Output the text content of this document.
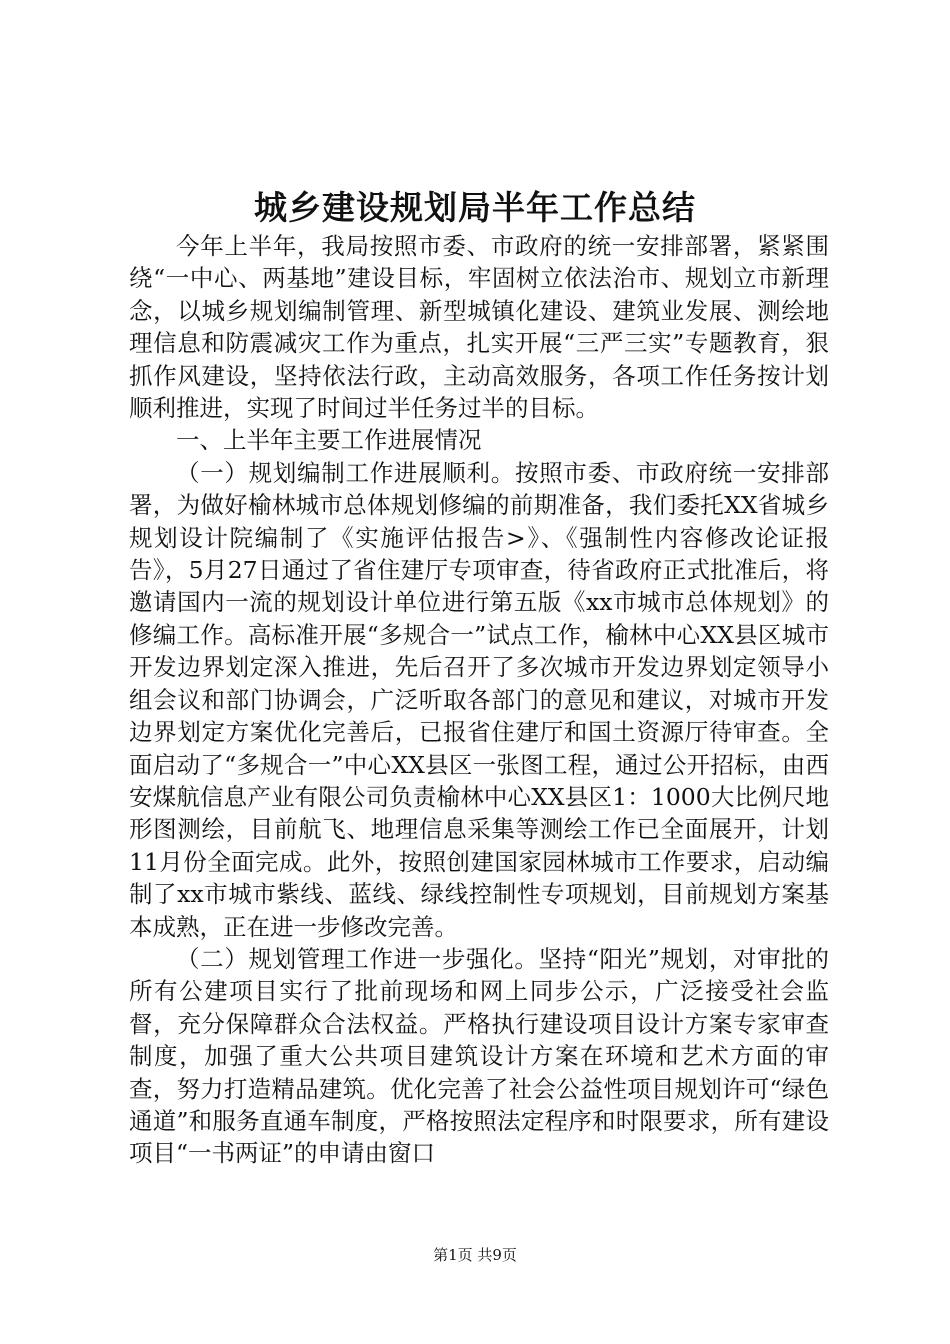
城乡建设规划局半年工作总结

今年上半年，我局按照市委、市政府的统一安排部署，紧紧围绕“一中心、两基地”建设目标，牢固树立依法治市、规划立市新理念，以城乡规划编制管理、新型城镇化建设、建筑业发展、测绘地理信息和防震减灾工作为重点，扎实开展“三严三实”专题教育，狠抓作风建设，坚持依法行政，主动高效服务，各项工作任务按计划顺利推进，实现了时间过半任务过半的目标。

一、上半年主要工作进展情况

（一）规划编制工作进展顺利。按照市委、市政府统一安排部署，为做好榆林城市总体规划修编的前期准备，我们委托XX省城乡规划设计院编制了《实施评估报告>》、《强制性内容修改论证报告》，5月27日通过了省住建厅专项审查，待省政府正式批准后，将邀请国内一流的规划设计单位进行第五版《xx市城市总体规划》的修编工作。高标准开展“多规合一”试点工作，榆林中心XX县区城市开发边界划定深入推进，先后召开了多次城市开发边界划定领导小组会议和部门协调会，广泛听取各部门的意见和建议，对城市开发边界划定方案优化完善后，已报省住建厅和国土资源厅待审查。全面启动了“多规合一”中心XX县区一张图工程，通过公开招标，由西安煤航信息产业有限公司负责榆林中心XX县区1：1000大比例尺地形图测绘，目前航飞、地理信息采集等测绘工作已全面展开，计划11月份全面完成。此外，按照创建国家园林城市工作要求，启动编制了xx市城市紫线、蓝线、绿线控制性专项规划，目前规划方案基本成熟，正在进一步修改完善。

（二）规划管理工作进一步强化。坚持“阳光”规划，对审批的所有公建项目实行了批前现场和网上同步公示，广泛接受社会监督，充分保障群众合法权益。严格执行建设项目设计方案专家审查制度，加强了重大公共项目建筑设计方案在环境和艺术方面的审查，努力打造精品建筑。优化完善了社会公益性项目规划许可“绿色通道”和服务直通车制度，严格按照法定程序和时限要求，所有建设项目“一书两证”的申请由窗口

第1页 共9页
